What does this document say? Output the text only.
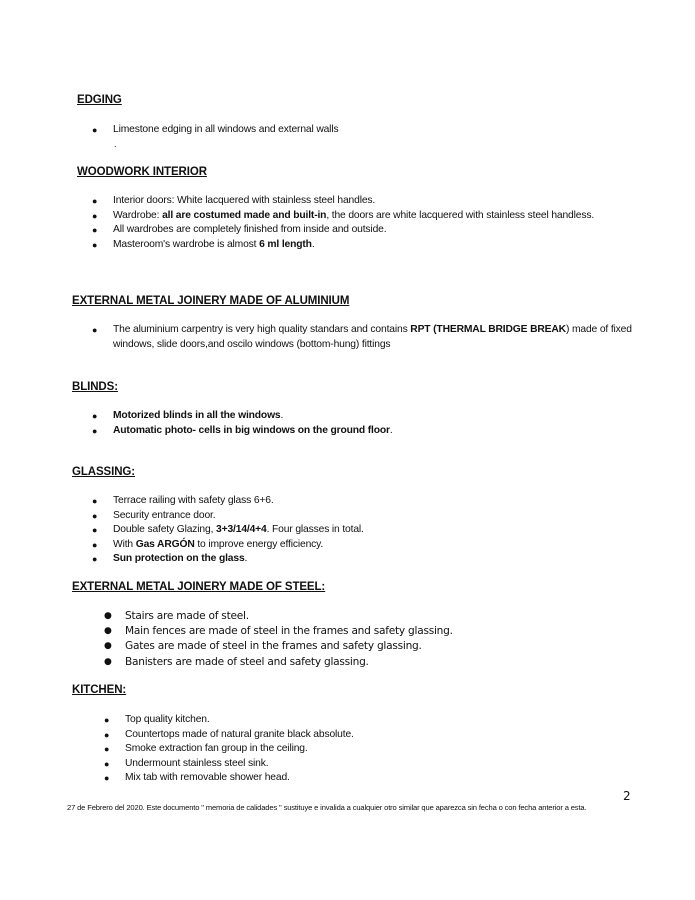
EDGING
● Limestone edging in all windows and external walls
.
WOODWORK INTERIOR
● Interior doors: White lacquered with stainless steel handles.
● Wardrobe: all are costumed made and built-in, the doors are white lacquered with stainless steel handless.
● All wardrobes are completely finished from inside and outside.
● Masteroom's wardrobe is almost 6 ml length.
EXTERNAL METAL JOINERY MADE OF ALUMINIUM
● The aluminium carpentry is very high quality standars and contains RPT (THERMAL BRIDGE BREAK) made of fixed windows, slide doors,and oscilo windows (bottom-hung) fittings
BLINDS:
● Motorized blinds in all the windows.
● Automatic photo- cells in big windows on the ground floor.
GLASSING:
● Terrace railing with safety glass 6+6.
● Security entrance door.
● Double safety Glazing, 3+3/14/4+4. Four glasses in total.
● With Gas ARGÓN to improve energy efficiency.
● Sun protection on the glass.
EXTERNAL METAL JOINERY MADE OF STEEL:
● Stairs are made of steel.
● Main fences are made of steel in the frames and safety glassing.
● Gates are made of steel in the frames and safety glassing.
● Banisters are made of steel and safety glassing.
KITCHEN:
● Top quality kitchen.
● Countertops made of natural granite black absolute.
● Smoke extraction fan group in the ceiling.
● Undermount stainless steel sink.
● Mix tab with removable shower head.
2
27 de Febrero del 2020. Este documento " memoria de calidades " sustituye e invalida a cualquier otro similar que aparezca sin fecha o con fecha anterior a esta.
